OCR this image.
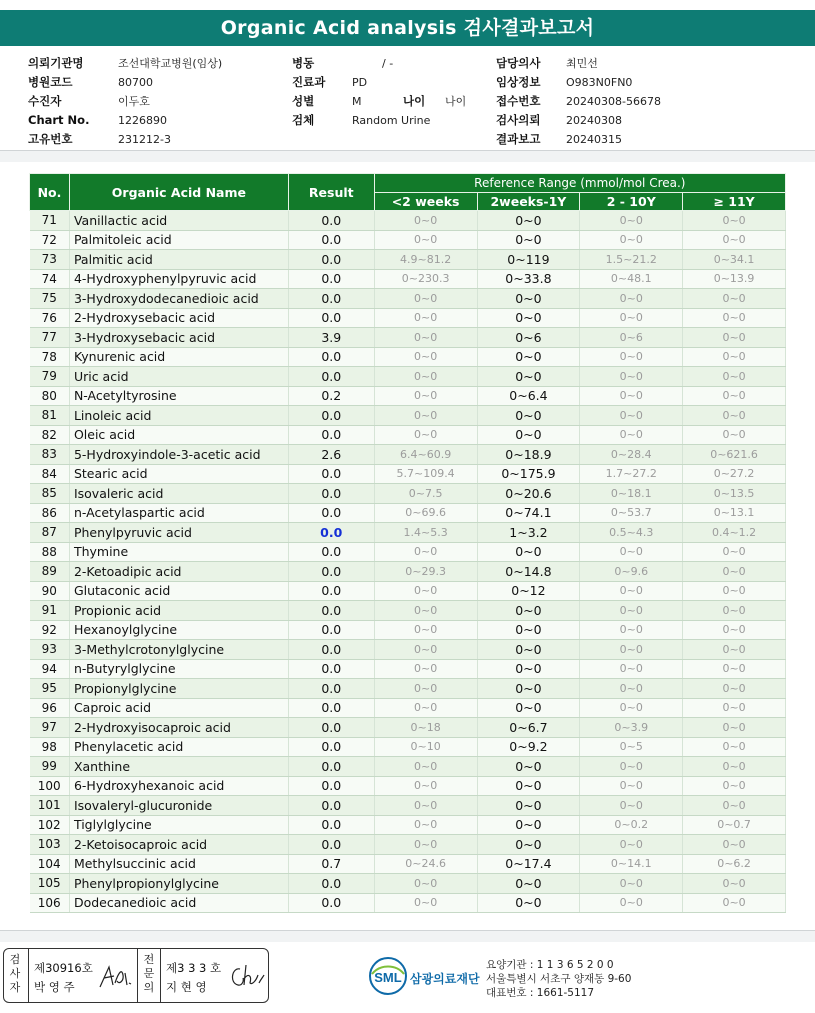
Organic Acid analysis 검사결과보고서
의뢰기관명	조선대학교병원(임상)	병동	/ -	담당의사 최민선
병원코드	80700	진료과 PD	임상정보 O983N0FN0
수진자	이두호	성별	M	나이 나이	접수번호 20240308-56678
Chart No.	1226890	검체	Random Urine	검사의뢰 20240308
고유번호	231212-3	결과보고 20240315
No.	Organic Acid Name	Result	Reference Range (mmol/mol Crea.)			
			<2 weeks	2weeks-1Y	2 - 10Y	≥ 11Y
71	Vanillactic acid	0.0	0~0	0~0	0~0	0~0
72	Palmitoleic acid	0.0	0~0	0~0	0~0	0~0
73	Palmitic acid	0.0	4.9~81.2	0~119	1.5~21.2	0~34.1
74	4-Hydroxyphenylpyruvic acid	0.0	0~230.3	0~33.8	0~48.1	0~13.9
75	3-Hydroxydodecanedioic acid	0.0	0~0	0~0	0~0	0~0
76	2-Hydroxysebacic acid	0.0	0~0	0~0	0~0	0~0
77	3-Hydroxysebacic acid	3.9	0~0	0~6	0~6	0~0
78	Kynurenic acid	0.0	0~0	0~0	0~0	0~0
79	Uric acid	0.0	0~0	0~0	0~0	0~0
80	N-Acetyltyrosine	0.2	0~0	0~6.4	0~0	0~0
81	Linoleic acid	0.0	0~0	0~0	0~0	0~0
82	Oleic acid	0.0	0~0	0~0	0~0	0~0
83	5-Hydroxyindole-3-acetic acid	2.6	6.4~60.9	0~18.9	0~28.4	0~621.6
84	Stearic acid	0.0	5.7~109.4	0~175.9	1.7~27.2	0~27.2
85	Isovaleric acid	0.0	0~7.5	0~20.6	0~18.1	0~13.5
86	n-Acetylaspartic acid	0.0	0~69.6	0~74.1	0~53.7	0~13.1
87	Phenylpyruvic acid	0.0	1.4~5.3	1~3.2	0.5~4.3	0.4~1.2
88	Thymine	0.0	0~0	0~0	0~0	0~0
89	2-Ketoadipic acid	0.0	0~29.3	0~14.8	0~9.6	0~0
90	Glutaconic acid	0.0	0~0	0~12	0~0	0~0
91	Propionic acid	0.0	0~0	0~0	0~0	0~0
92	Hexanoylglycine	0.0	0~0	0~0	0~0	0~0
93	3-Methylcrotonylglycine	0.0	0~0	0~0	0~0	0~0
94	n-Butyrylglycine	0.0	0~0	0~0	0~0	0~0
95	Propionylglycine	0.0	0~0	0~0	0~0	0~0
96	Caproic acid	0.0	0~0	0~0	0~0	0~0
97	2-Hydroxyisocaproic acid	0.0	0~18	0~6.7	0~3.9	0~0
98	Phenylacetic acid	0.0	0~10	0~9.2	0~5	0~0
99	Xanthine	0.0	0~0	0~0	0~0	0~0
100	6-Hydroxyhexanoic acid	0.0	0~0	0~0	0~0	0~0
101	Isovaleryl-glucuronide	0.0	0~0	0~0	0~0	0~0
102	Tiglylglycine	0.0	0~0	0~0	0~0.2	0~0.7
103	2-Ketoisocaproic acid	0.0	0~0	0~0	0~0	0~0
104	Methylsuccinic acid	0.7	0~24.6	0~17.4	0~14.1	0~6.2
105	Phenylpropionylglycine	0.0	0~0	0~0	0~0	0~0
106	Dodecanedioic acid	0.0	0~0	0~0	0~0	0~0
검사자
제30916호
박 영 주
전문의
제3 3 3 호
지 현 영
SML 삼광의료재단
요양기관 : 1 1 3 6 5 2 0 0
서울특별시 서초구 양재동 9-60
대표번호 : 1661-5117
